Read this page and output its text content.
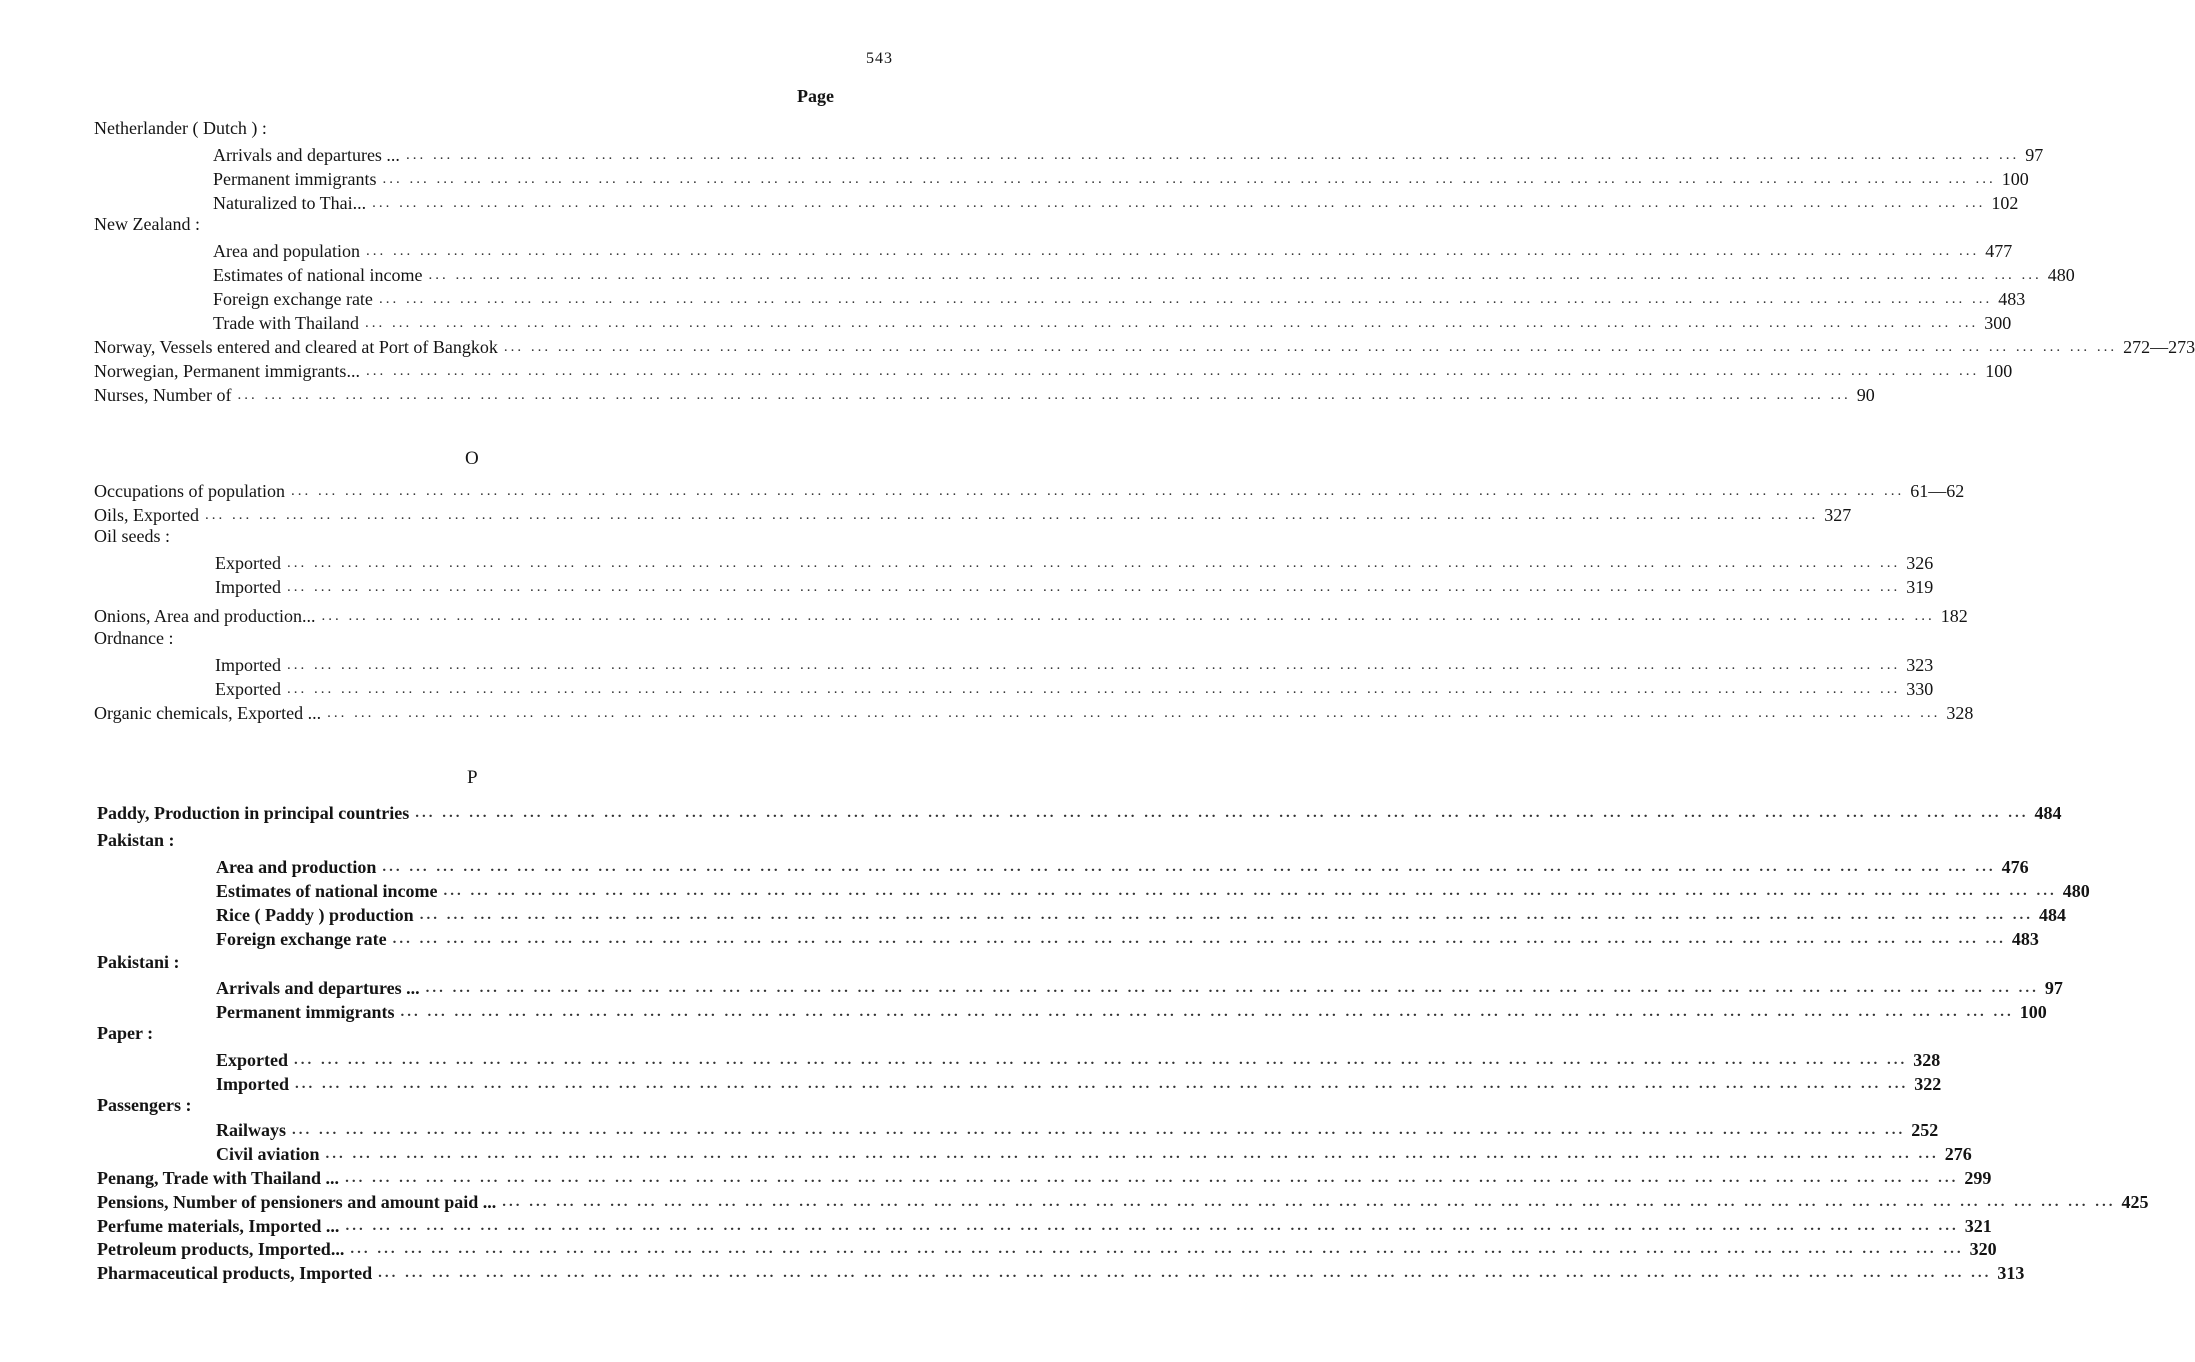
543
Page
Netherlander ( Dutch ) :
Arrivals and departures ... ... ... ... ... ... ... ... ... ... ... ... ... ... ... ... ... ... ... ... ... ... ... ... ... ... ... ... ... ... ... ... ... ... ... ... ... ... ... ... ... ... ... ... ... ... ... ... ... ... ... ... ... ... ... ... ... ... ... ... ... 97
Permanent immigrants ... ... ... ... ... ... ... ... ... ... ... ... ... ... ... ... ... ... ... ... ... ... ... ... ... ... ... ... ... ... ... ... ... ... ... ... ... ... ... ... ... ... ... ... ... ... ... ... ... ... ... ... ... ... ... ... ... ... ... ... 100
Naturalized to Thai... ... ... ... ... ... ... ... ... ... ... ... ... ... ... ... ... ... ... ... ... ... ... ... ... ... ... ... ... ... ... ... ... ... ... ... ... ... ... ... ... ... ... ... ... ... ... ... ... ... ... ... ... ... ... ... ... ... ... ... ... 102
New Zealand :
Area and population ... ... ... ... ... ... ... ... ... ... ... ... ... ... ... ... ... ... ... ... ... ... ... ... ... ... ... ... ... ... ... ... ... ... ... ... ... ... ... ... ... ... ... ... ... ... ... ... ... ... ... ... ... ... ... ... ... ... ... ... 477
Estimates of national income ... ... ... ... ... ... ... ... ... ... ... ... ... ... ... ... ... ... ... ... ... ... ... ... ... ... ... ... ... ... ... ... ... ... ... ... ... ... ... ... ... ... ... ... ... ... ... ... ... ... ... ... ... ... ... ... ... ... ... ... 480
Foreign exchange rate ... ... ... ... ... ... ... ... ... ... ... ... ... ... ... ... ... ... ... ... ... ... ... ... ... ... ... ... ... ... ... ... ... ... ... ... ... ... ... ... ... ... ... ... ... ... ... ... ... ... ... ... ... ... ... ... ... ... ... ... 483
Trade with Thailand ... ... ... ... ... ... ... ... ... ... ... ... ... ... ... ... ... ... ... ... ... ... ... ... ... ... ... ... ... ... ... ... ... ... ... ... ... ... ... ... ... ... ... ... ... ... ... ... ... ... ... ... ... ... ... ... ... ... ... ... 300
Norway, Vessels entered and cleared at Port of Bangkok ... ... ... ... ... ... ... ... ... ... ... ... ... ... ... ... ... ... ... ... ... ... ... ... ... ... ... ... ... ... ... ... ... ... ... ... ... ... ... ... ... ... ... ... ... ... ... ... ... ... ... ... ... ... ... ... ... ... ... ... 272—273
Norwegian, Permanent immigrants... ... ... ... ... ... ... ... ... ... ... ... ... ... ... ... ... ... ... ... ... ... ... ... ... ... ... ... ... ... ... ... ... ... ... ... ... ... ... ... ... ... ... ... ... ... ... ... ... ... ... ... ... ... ... ... ... ... ... ... ... 100
Nurses, Number of ... ... ... ... ... ... ... ... ... ... ... ... ... ... ... ... ... ... ... ... ... ... ... ... ... ... ... ... ... ... ... ... ... ... ... ... ... ... ... ... ... ... ... ... ... ... ... ... ... ... ... ... ... ... ... ... ... ... ... ... 90
O
Occupations of population ... ... ... ... ... ... ... ... ... ... ... ... ... ... ... ... ... ... ... ... ... ... ... ... ... ... ... ... ... ... ... ... ... ... ... ... ... ... ... ... ... ... ... ... ... ... ... ... ... ... ... ... ... ... ... ... ... ... ... ... 61—62
Oils, Exported ... ... ... ... ... ... ... ... ... ... ... ... ... ... ... ... ... ... ... ... ... ... ... ... ... ... ... ... ... ... ... ... ... ... ... ... ... ... ... ... ... ... ... ... ... ... ... ... ... ... ... ... ... ... ... ... ... ... ... ... 327
Oil seeds :
Exported ... ... ... ... ... ... ... ... ... ... ... ... ... ... ... ... ... ... ... ... ... ... ... ... ... ... ... ... ... ... ... ... ... ... ... ... ... ... ... ... ... ... ... ... ... ... ... ... ... ... ... ... ... ... ... ... ... ... ... ... 326
Imported ... ... ... ... ... ... ... ... ... ... ... ... ... ... ... ... ... ... ... ... ... ... ... ... ... ... ... ... ... ... ... ... ... ... ... ... ... ... ... ... ... ... ... ... ... ... ... ... ... ... ... ... ... ... ... ... ... ... ... ... 319
Onions, Area and production... ... ... ... ... ... ... ... ... ... ... ... ... ... ... ... ... ... ... ... ... ... ... ... ... ... ... ... ... ... ... ... ... ... ... ... ... ... ... ... ... ... ... ... ... ... ... ... ... ... ... ... ... ... ... ... ... ... ... ... ... 182
Ordnance :
Imported ... ... ... ... ... ... ... ... ... ... ... ... ... ... ... ... ... ... ... ... ... ... ... ... ... ... ... ... ... ... ... ... ... ... ... ... ... ... ... ... ... ... ... ... ... ... ... ... ... ... ... ... ... ... ... ... ... ... ... ... 323
Exported ... ... ... ... ... ... ... ... ... ... ... ... ... ... ... ... ... ... ... ... ... ... ... ... ... ... ... ... ... ... ... ... ... ... ... ... ... ... ... ... ... ... ... ... ... ... ... ... ... ... ... ... ... ... ... ... ... ... ... ... 330
Organic chemicals, Exported ... ... ... ... ... ... ... ... ... ... ... ... ... ... ... ... ... ... ... ... ... ... ... ... ... ... ... ... ... ... ... ... ... ... ... ... ... ... ... ... ... ... ... ... ... ... ... ... ... ... ... ... ... ... ... ... ... ... ... ... ... 328
P
Paddy, Production in principal countries ... ... ... ... ... ... ... ... ... ... ... ... ... ... ... ... ... ... ... ... ... ... ... ... ... ... ... ... ... ... ... ... ... ... ... ... ... ... ... ... ... ... ... ... ... ... ... ... ... ... ... ... ... ... ... ... ... ... ... ... 484
Pakistan :
Area and production ... ... ... ... ... ... ... ... ... ... ... ... ... ... ... ... ... ... ... ... ... ... ... ... ... ... ... ... ... ... ... ... ... ... ... ... ... ... ... ... ... ... ... ... ... ... ... ... ... ... ... ... ... ... ... ... ... ... ... ... 476
Estimates of national income ... ... ... ... ... ... ... ... ... ... ... ... ... ... ... ... ... ... ... ... ... ... ... ... ... ... ... ... ... ... ... ... ... ... ... ... ... ... ... ... ... ... ... ... ... ... ... ... ... ... ... ... ... ... ... ... ... ... ... ... 480
Rice ( Paddy ) production ... ... ... ... ... ... ... ... ... ... ... ... ... ... ... ... ... ... ... ... ... ... ... ... ... ... ... ... ... ... ... ... ... ... ... ... ... ... ... ... ... ... ... ... ... ... ... ... ... ... ... ... ... ... ... ... ... ... ... ... 484
Foreign exchange rate ... ... ... ... ... ... ... ... ... ... ... ... ... ... ... ... ... ... ... ... ... ... ... ... ... ... ... ... ... ... ... ... ... ... ... ... ... ... ... ... ... ... ... ... ... ... ... ... ... ... ... ... ... ... ... ... ... ... ... ... 483
Pakistani :
Arrivals and departures ... ... ... ... ... ... ... ... ... ... ... ... ... ... ... ... ... ... ... ... ... ... ... ... ... ... ... ... ... ... ... ... ... ... ... ... ... ... ... ... ... ... ... ... ... ... ... ... ... ... ... ... ... ... ... ... ... ... ... ... ... 97
Permanent immigrants ... ... ... ... ... ... ... ... ... ... ... ... ... ... ... ... ... ... ... ... ... ... ... ... ... ... ... ... ... ... ... ... ... ... ... ... ... ... ... ... ... ... ... ... ... ... ... ... ... ... ... ... ... ... ... ... ... ... ... ... 100
Paper :
Exported ... ... ... ... ... ... ... ... ... ... ... ... ... ... ... ... ... ... ... ... ... ... ... ... ... ... ... ... ... ... ... ... ... ... ... ... ... ... ... ... ... ... ... ... ... ... ... ... ... ... ... ... ... ... ... ... ... ... ... ... 328
Imported ... ... ... ... ... ... ... ... ... ... ... ... ... ... ... ... ... ... ... ... ... ... ... ... ... ... ... ... ... ... ... ... ... ... ... ... ... ... ... ... ... ... ... ... ... ... ... ... ... ... ... ... ... ... ... ... ... ... ... ... 322
Passengers :
Railways ... ... ... ... ... ... ... ... ... ... ... ... ... ... ... ... ... ... ... ... ... ... ... ... ... ... ... ... ... ... ... ... ... ... ... ... ... ... ... ... ... ... ... ... ... ... ... ... ... ... ... ... ... ... ... ... ... ... ... ... 252
Civil aviation ... ... ... ... ... ... ... ... ... ... ... ... ... ... ... ... ... ... ... ... ... ... ... ... ... ... ... ... ... ... ... ... ... ... ... ... ... ... ... ... ... ... ... ... ... ... ... ... ... ... ... ... ... ... ... ... ... ... ... ... 276
Penang, Trade with Thailand ... ... ... ... ... ... ... ... ... ... ... ... ... ... ... ... ... ... ... ... ... ... ... ... ... ... ... ... ... ... ... ... ... ... ... ... ... ... ... ... ... ... ... ... ... ... ... ... ... ... ... ... ... ... ... ... ... ... ... ... ... 299
Pensions, Number of pensioners and amount paid ... ... ... ... ... ... ... ... ... ... ... ... ... ... ... ... ... ... ... ... ... ... ... ... ... ... ... ... ... ... ... ... ... ... ... ... ... ... ... ... ... ... ... ... ... ... ... ... ... ... ... ... ... ... ... ... ... ... ... ... ... 425
Perfume materials, Imported ... ... ... ... ... ... ... ... ... ... ... ... ... ... ... ... ... ... ... ... ... ... ... ... ... ... ... ... ... ... ... ... ... ... ... ... ... ... ... ... ... ... ... ... ... ... ... ... ... ... ... ... ... ... ... ... ... ... ... ... ... 321
Petroleum products, Imported... ... ... ... ... ... ... ... ... ... ... ... ... ... ... ... ... ... ... ... ... ... ... ... ... ... ... ... ... ... ... ... ... ... ... ... ... ... ... ... ... ... ... ... ... ... ... ... ... ... ... ... ... ... ... ... ... ... ... ... ... 320
Pharmaceutical products, Imported ... ... ... ... ... ... ... ... ... ... ... ... ... ... ... ... ... ... ... ... ... ... ... ... ... ... ... ... ... ... ... ... ... ... ... ... ... ... ... ... ... ... ... ... ... ... ... ... ... ... ... ... ... ... ... ... ... ... ... ... 313
